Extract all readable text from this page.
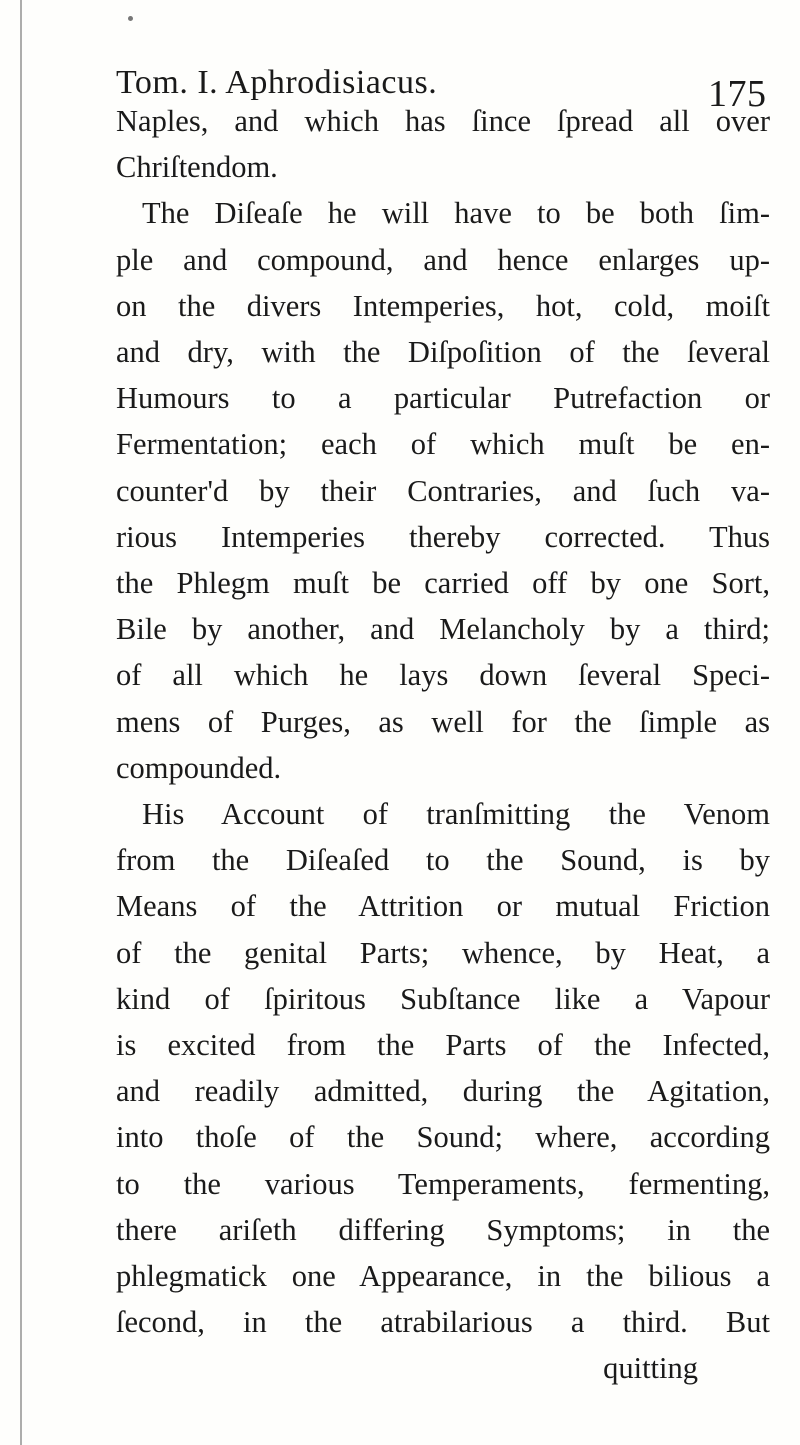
Tom. I. Aphrodisiacus.	175
Naples, and which has ſince ſpread all over
Chriſtendom.
The Diſeaſe he will have to be both ſim-
ple and compound, and hence enlarges up-
on the divers Intemperies, hot, cold, moiſt
and dry, with the Diſpoſition of the ſeveral
Humours to a particular Putrefaction or
Fermentation; each of which muſt be en-
counter'd by their Contraries, and ſuch va-
rious Intemperies thereby corrected. Thus
the Phlegm muſt be carried off by one Sort,
Bile by another, and Melancholy by a third;
of all which he lays down ſeveral Speci-
mens of Purges, as well for the ſimple as
compounded.
His Account of tranſmitting the Venom
from the Diſeaſed to the Sound, is by
Means of the Attrition or mutual Friction
of the genital Parts; whence, by Heat, a
kind of ſpiritous Subſtance like a Vapour
is excited from the Parts of the Infected,
and readily admitted, during the Agitation,
into thoſe of the Sound; where, according
to the various Temperaments, fermenting,
there ariſeth differing Symptoms; in the
phlegmatick one Appearance, in the bilious a
ſecond, in the atrabilarious a third. But
quitting
